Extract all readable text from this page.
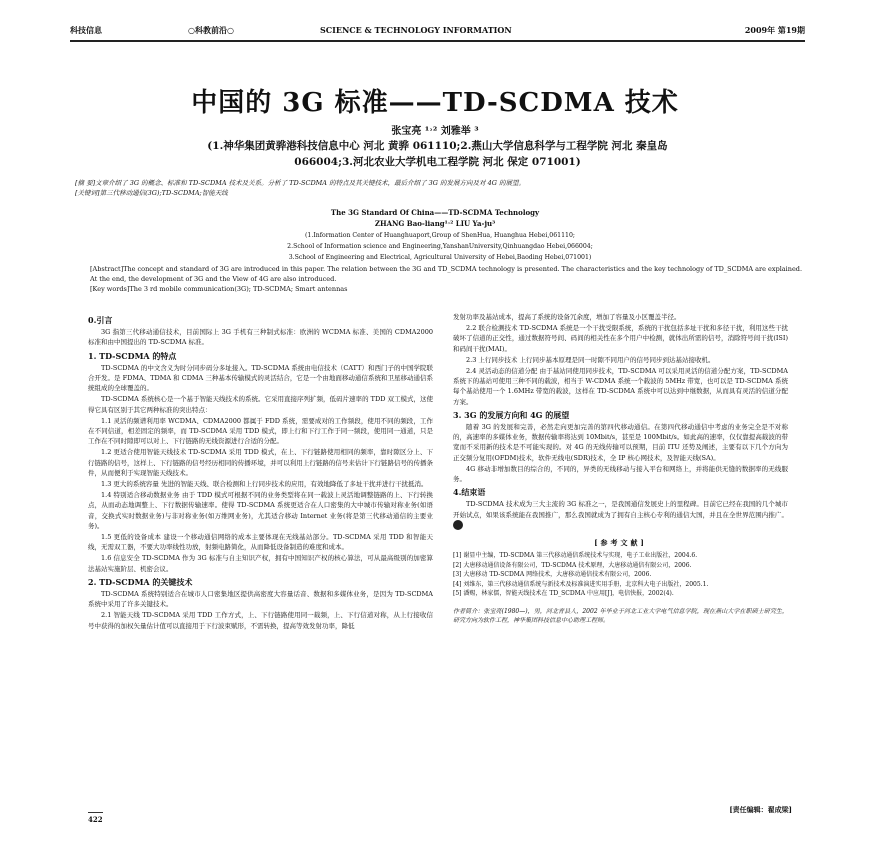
科技信息	○科教前沿○	SCIENCE & TECHNOLOGY INFORMATION	2009年 第19期
中国的 3G 标准——TD-SCDMA 技术
张宝亮 ¹˒² 刘雅举 ³
(1.神华集团黄骅港科技信息中心 河北 黄骅 061110;2.燕山大学信息科学与工程学院 河北 秦皇岛
066004;3.河北农业大学机电工程学院 河北 保定 071001)
[摘 要]文章介绍了 3G 的概念、标准和 TD-SCDMA 技术及关系。分析了 TD-SCDMA 的特点及其关键技术，最后介绍了 3G 的发展方向及对 4G 的展望。
[关键词]第三代移动通信(3G);TD-SCDMA;智能天线
The 3G Standard Of China——TD-SCDMA Technology
ZHANG Bao-liang¹˒² LIU Ya-ju³
(1.Information Center of Huanghuaport,Group of ShenHua, Huanghua Hebei,061110;
2.School of Information science and Engineering,YanshanUniversity,Qinhuangdao Hebei,066004;
3.School of Engineering and Electrical, Agricultural University of Hebei,Baoding Hebei,071001)
[Abstract]The concept and standard of 3G are introduced in this paper. The relation between the 3G and TD_SCDMA technology is presented. The characteristics and the key technology of TD_SCDMA are explained. At the end, the development of 3G and the View of 4G are also introduced.
[Key words]The 3 rd mobile communication(3G); TD-SCDMA; Smart antennas
0.引言

3G 指第三代移动通信技术，目前国际上 3G 手机有三种制式标准：欧洲的 WCDMA 标准、美国的 CDMA2000 标准和由中国提出的 TD-SCDMA 标准。

1. TD-SCDMA 的特点

TD-SCDMA 的中文含义为时分同步码分多址接入。TD-SCDMA 系统由电信技术（CATT）和西门子的中国学院联合开发。是 FDMA、TDMA 和 CDMA 三种基本传输模式的灵活结合，它是一个由地面移动通信系统和卫星移动通信系统组成的全球覆盖的。

TD-SCDMA 系统核心是一个基于智能天线技术的系统。它采用直接序列扩频，低码片速率的 TDD 双工模式，这使得它具有区别于其它两种标准的突出特点：

1.1 灵活的频谱利用率 WCDMA、CDMA2000 都属于 FDD 系统，需要成对的工作频段，使用不同的频段，工作在不同信道，相差固定的频率，而 TD-SCDMA 采用 TDD 模式，即上行和下行工作于同一频段，使用同一通道，只是工作在不同时隙即可以对上、下行链路的无线资源进行合适的分配。

1.2 更适合使用智能天线技术 TD-SCDMA 采用 TDD 模式，在上、下行链路使用相同的频率，靠时隙区分上、下行链路的信号，这样上、下行链路的信号经历相同的传播环境，并可以利用上行链路的信号来估计下行链路信号的传播条件，从而便利于实现智能天线技术。

1.3 更大的系统容量 先进的智能天线、联合检测和上行同步技术的应用，有效地降低了多址干扰并进行干扰抵消。

1.4 特别适合移动数据业务 由于 TDD 模式可根据不同的业务类型将在同一载波上灵活地调整链路的上、下行转换点，从而动态地调整上、下行数据传输速率。使得 TD-SCDMA 系统更适合在人口密集的大中城市传输对称业务(如语音，交换式实时数据业务)与非对称业务(如万维网业务)，尤其适合移动 Internet 业务(将是第三代移动通信的主要业务)。

1.5 更低的设备成本 建设一个移动通信网络的成本主要体现在无线基站部分。TD-SCDMA 采用 TDD 和智能天线，无需双工器，不要大功率线性功放，射频电路简化，从而降低设备制造的难度和成本。

1.6 信息安全 TD-SCDMA 作为 3G 标准与自主知识产权，拥有中国知识产权的核心算法，可从最高级别的加密算法基站实施阶层、机密会议。

2. TD-SCDMA 的关键技术

TD-SCDMA 系统特别适合在城市人口密集地区提供高密度大容量话音、数据和多媒体业务，是因为 TD-SCDMA 系统中采用了许多关键技术。

2.1 智能天线 TD-SCDMA 采用 TDD 工作方式，上、下行链路使用同一载频，上、下行信道对称，从上行接收信号中获得的加权矢量估计值可以直接用于下行波束赋形，不需转换，提高等效发射功率，降低

发射功率及基站成本，提高了系统的设备冗余度，增加了容量及小区覆盖半径。

2.2 联合检测技术 TD-SCDMA 系统是一个干扰受限系统，系统的干扰包括多址干扰和多径干扰，利用这些干扰破坏了信道的正交性，通过数据符号间、码间的相关性在多个用户中检测，就体出所需的信号，消除符号间干扰(ISI)和码间干扰(MAI)。

2.3 上行同步技术 上行同步基本原理是同一时隙不同用户的信号同步到达基站接收机。

2.4 灵活动态的信道分配 由于基站同使用同步技术，TD-SCDMA 可以采用灵活的信道分配方案，TD-SCDMA 系统下的基站可使用三种不同的载波，相当于 W-CDMA 系统一个载波的 5MHz 带宽，也可以是 TD-SCDMA 系统每个基站使用一个 1.6MHz 带宽的载波，这样在 TD-SCDMA 系统中可以达到中继数据，从而具有灵活的信道分配方案。

3. 3G 的发展方向和 4G 的展望

随着 3G 的发展和完善，必然走向更加完善的第四代移动通信。在第四代移动通信中考虑的业务完全是不对称的，高速率的多媒体业务，数据传输率将达到 10Mbit/s，甚至是 100Mbit/s。如此高的速率，仅仅靠提高载波的带宽而不采用新的技术是不可能实现的。对 4G 的无线传输可以预期，目前 ITU 还势及阐述，主要有以下几个方向为正交频分复用(OFDM)技术，软件无线电(SDR)技术，全 IP 核心网技术，及智能天线(SA)。

4G 移动非增加数目的综合的，不同的，异类的无线移动与接入平台和网络上，并将能供无缝的数据率的无线服务。

4.结束语

TD-SCDMA 技术成为三大主流的 3G 标准之一，是我国通信发展史上的里程碑。目前它已经在我国的几个城市开始试点，如果该系统能在我国推广，那么我国就成为了拥有自主核心专利的通信大国，并且在全世界范围内推广。

[参考文献]
[1] 谢显中主编，TD-SCDMA 第三代移动通信系统技术与实现，电子工业出版社，2004.6.
[2] 大唐移动通信设备有限公司，TD-SCDMA 技术原理，大唐移动通信有限公司，2006.
[3] 大唐移动 TD-SCDMA 网络技术，大唐移动通信技术有限公司，2006.
[4] 刘维东，第三代移动通信系统与新技术及标准演进实用手册，北京科大电子出版社，2005.1.
[5] 潘赐，林家儒，智能天线技术在 TD_SCDMA 中应用[J]，电信快报，2002(4).
作者简介：张宝亮(1980—)，男，河北青县人，2002 年毕业于河北工业大学电气信息学院，现在燕山大学在职硕士研究生，研究方向为软件工程，神华集团科技信息中心助理工程师。
[责任编辑：翟成梁]
422
